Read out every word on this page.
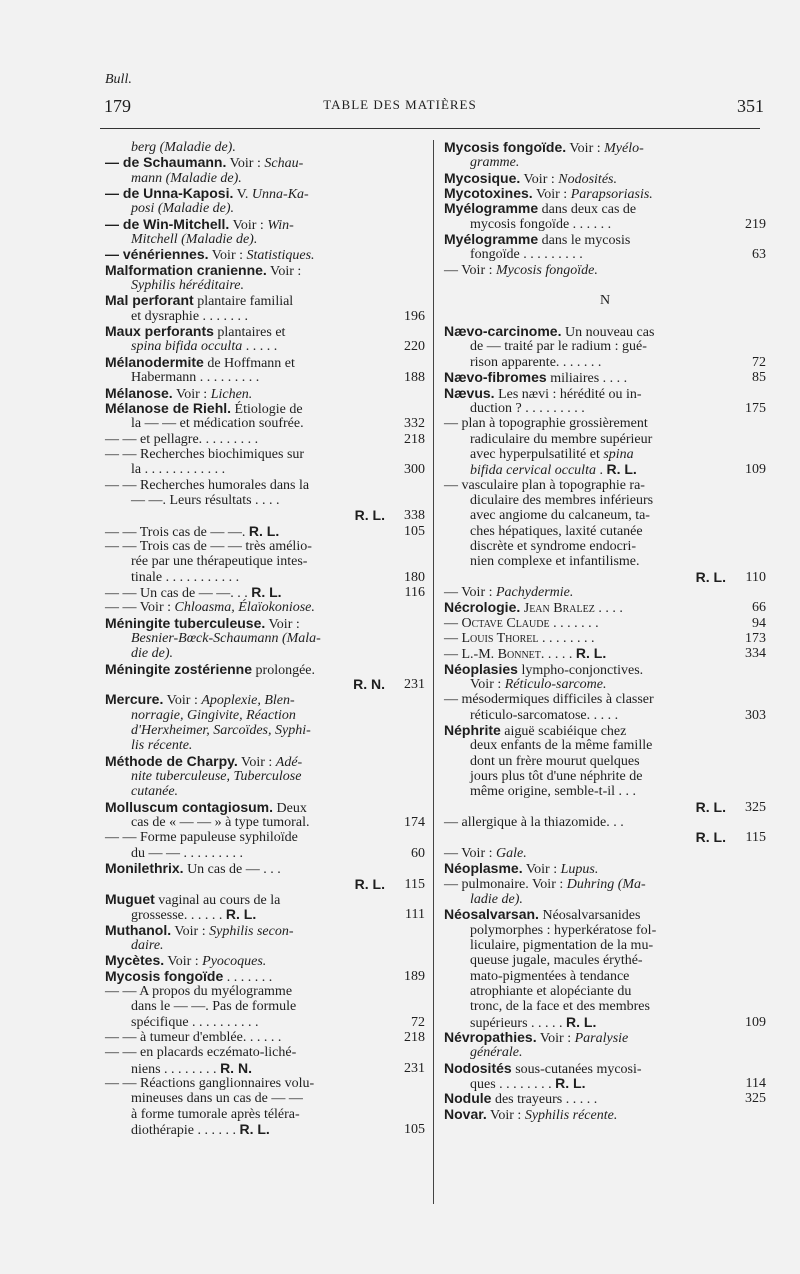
Bull.
179	TABLE DES MATIÈRES	351
berg (Maladie de).
— de Schaumann. Voir : Schau-
mann (Maladie de).
— de Unna-Kaposi. V. Unna-Ka-
posi (Maladie de).
— de Win-Mitchell. Voir : Win-
Mitchell (Maladie de).
— vénériennes. Voir : Statistiques.
Malformation cranienne. Voir :
Syphilis héréditaire.
Mal perforant plantaire familial
et dysraphie . . . . . . .	196
Maux perforants plantaires et
spina bifida occulta . . . . .	220
Mélanodermite de Hoffmann et
Habermann . . . . . . . . .	188
Mélanose. Voir : Lichen.
Mélanose de Riehl. Étiologie de
la — — et médication soufrée.	332
— — et pellagre. . . . . . . . .	218
— — Recherches biochimiques sur
la . . . . . . . . . . . .	300
— — Recherches humorales dans la
— —. Leurs résultats . . . .
R. L. 338
— — Trois cas de — —. R. L.	105
— — Trois cas de — — très amélio-
rée par une thérapeutique intes-
tinale . . . . . . . . . . .	180
— — Un cas de — —. . . R. L.	116
— — Voir : Chloasma, Élaïokoniose.
Méningite tuberculeuse. Voir :
Besnier-Bœck-Schaumann (Mala-
die de).
Méningite zostérienne prolongée.
R. N. 231
Mercure. Voir : Apoplexie, Blen-
norragie, Gingivite, Réaction
d'Herxheimer, Sarcoïdes, Syphi-
lis récente.
Méthode de Charpy. Voir : Adé-
nite tuberculeuse, Tuberculose
cutanée.
Molluscum contagiosum. Deux
cas de « — — » à type tumoral.	174
— — Forme papuleuse syphiloïde
du — — . . . . . . . . .	60
Monilethrix. Un cas de — . . .
R. L. 115
Muguet vaginal au cours de la
grossesse. . . . . . R. L.	111
Muthanol. Voir : Syphilis secon-
daire.
Mycètes. Voir : Pyocoques.
Mycosis fongoïde . . . . . . .	189
— — A propos du myélogramme
dans le — —. Pas de formule
spécifique . . . . . . . . . .	72
— — à tumeur d'emblée. . . . . .	218
— — en placards eczémato-liché-
niens . . . . . . . . R. N.	231
— — Réactions ganglionnaires volu-
mineuses dans un cas de — —
à forme tumorale après téléra-
diothérapie . . . . . . R. L.	105
Mycosis fongoïde. Voir : Myélo-
gramme.
Mycosique. Voir : Nodosités.
Mycotoxines. Voir : Parapsoriasis.
Myélogramme dans deux cas de
mycosis fongoïde . . . . . .	219
Myélogramme dans le mycosis
fongoïde . . . . . . . . .	63
— Voir : Mycosis fongoïde.
N
Nævo-carcinome. Un nouveau cas
de — traité par le radium : gué-
rison apparente. . . . . . .	72
Nævo-fibromes miliaires . . . .	85
Nævus. Les nævi : hérédité ou in-
duction ? . . . . . . . . .	175
— plan à topographie grossièrement
radiculaire du membre supérieur
avec hyperpulsatilité et spina
bifida cervical occulta . R. L.	109
— vasculaire plan à topographie ra-
diculaire des membres inférieurs
avec angiome du calcaneum, ta-
ches hépatiques, laxité cutanée
discrète et syndrome endocri-
nien complexe et infantilisme.
R. L. 110
— Voir : Pachydermie.
Nécrologie. Jean Bralez . . . .	66
— Octave Claude . . . . . . .	94
— Louis Thorel . . . . . . . .	173
— L.-M. Bonnet. . . . . R. L.	334
Néoplasies lympho-conjonctives.
Voir : Réticulo-sarcome.
— mésodermiques difficiles à classer
réticulo-sarcomatose. . . . .	303
Néphrite aiguë scabiéique chez
deux enfants de la même famille
dont un frère mourut quelques
jours plus tôt d'une néphrite de
même origine, semble-t-il . . .
R. L. 325
— allergique à la thiazomide. . .
R. L. 115
— Voir : Gale.
Néoplasme. Voir : Lupus.
— pulmonaire. Voir : Duhring (Ma-
ladie de).
Néosalvarsan. Néosalvarsanides
polymorphes : hyperkératose fol-
liculaire, pigmentation de la mu-
queuse jugale, macules érythé-
mato-pigmentées à tendance
atrophiante et alopéciante du
tronc, de la face et des membres
supérieurs . . . . . R. L.	109
Névropathies. Voir : Paralysie
générale.
Nodosités sous-cutanées mycosi-
ques . . . . . . . . R. L.	114
Nodule des trayeurs . . . . .	325
Novar. Voir : Syphilis récente.
